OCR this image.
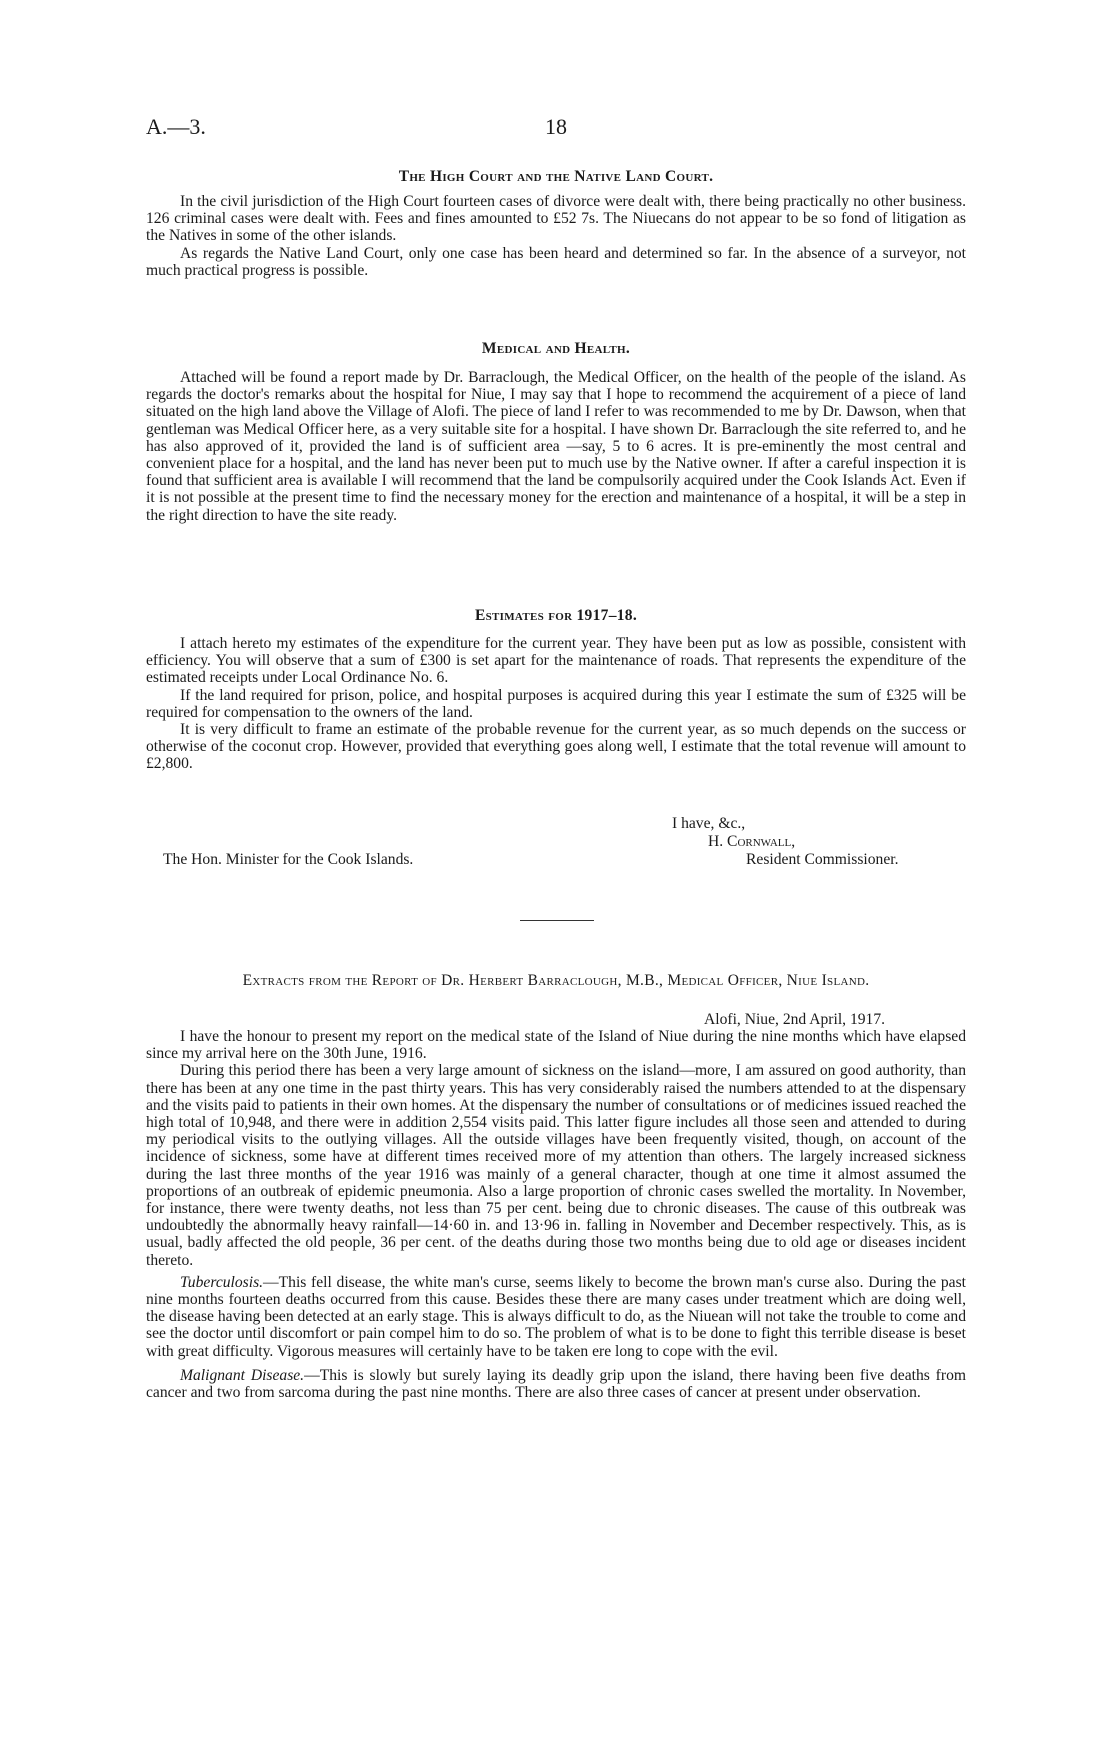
A.—3.	18
The High Court and the Native Land Court.

In the civil jurisdiction of the High Court fourteen cases of divorce were dealt with, there being practically no other business. 126 criminal cases were dealt with. Fees and fines amounted to £52 7s. The Niuecans do not appear to be so fond of litigation as the Natives in some of the other islands.

As regards the Native Land Court, only one case has been heard and determined so far. In the absence of a surveyor, not much practical progress is possible.

Medical and Health.

Attached will be found a report made by Dr. Barraclough, the Medical Officer, on the health of the people of the island. As regards the doctor's remarks about the hospital for Niue, I may say that I hope to recommend the acquirement of a piece of land situated on the high land above the Village of Alofi. The piece of land I refer to was recommended to me by Dr. Dawson, when that gentleman was Medical Officer here, as a very suitable site for a hospital. I have shown Dr. Barraclough the site referred to, and he has also approved of it, provided the land is of sufficient area —say, 5 to 6 acres. It is pre-eminently the most central and convenient place for a hospital, and the land has never been put to much use by the Native owner. If after a careful inspection it is found that sufficient area is available I will recommend that the land be compulsorily acquired under the Cook Islands Act. Even if it is not possible at the present time to find the necessary money for the erection and maintenance of a hospital, it will be a step in the right direction to have the site ready.

Estimates for 1917–18.

I attach hereto my estimates of the expenditure for the current year. They have been put as low as possible, consistent with efficiency. You will observe that a sum of £300 is set apart for the maintenance of roads. That represents the expenditure of the estimated receipts under Local Ordinance No. 6.

If the land required for prison, police, and hospital purposes is acquired during this year I estimate the sum of £325 will be required for compensation to the owners of the land.

It is very difficult to frame an estimate of the probable revenue for the current year, as so much depends on the success or otherwise of the coconut crop. However, provided that everything goes along well, I estimate that the total revenue will amount to £2,800.

I have, &c.,
H. Cornwall,
The Hon. Minister for the Cook Islands.	Resident Commissioner.
Extracts from the Report of Dr. Herbert Barraclough, M.B., Medical Officer, Niue Island.
Alofi, Niue, 2nd April, 1917.

I have the honour to present my report on the medical state of the Island of Niue during the nine months which have elapsed since my arrival here on the 30th June, 1916.

During this period there has been a very large amount of sickness on the island—more, I am assured on good authority, than there has been at any one time in the past thirty years. This has very considerably raised the numbers attended to at the dispensary and the visits paid to patients in their own homes. At the dispensary the number of consultations or of medicines issued reached the high total of 10,948, and there were in addition 2,554 visits paid. This latter figure includes all those seen and attended to during my periodical visits to the outlying villages. All the outside villages have been frequently visited, though, on account of the incidence of sickness, some have at different times received more of my attention than others. The largely increased sickness during the last three months of the year 1916 was mainly of a general character, though at one time it almost assumed the proportions of an outbreak of epidemic pneumonia. Also a large proportion of chronic cases swelled the mortality. In November, for instance, there were twenty deaths, not less than 75 per cent. being due to chronic diseases. The cause of this outbreak was undoubtedly the abnormally heavy rainfall—14·60 in. and 13·96 in. falling in November and December respectively. This, as is usual, badly affected the old people, 36 per cent. of the deaths during those two months being due to old age or diseases incident thereto.

Tuberculosis.—This fell disease, the white man's curse, seems likely to become the brown man's curse also. During the past nine months fourteen deaths occurred from this cause. Besides these there are many cases under treatment which are doing well, the disease having been detected at an early stage. This is always difficult to do, as the Niuean will not take the trouble to come and see the doctor until discomfort or pain compel him to do so. The problem of what is to be done to fight this terrible disease is beset with great difficulty. Vigorous measures will certainly have to be taken ere long to cope with the evil.

Malignant Disease.—This is slowly but surely laying its deadly grip upon the island, there having been five deaths from cancer and two from sarcoma during the past nine months. There are also three cases of cancer at present under observation.
